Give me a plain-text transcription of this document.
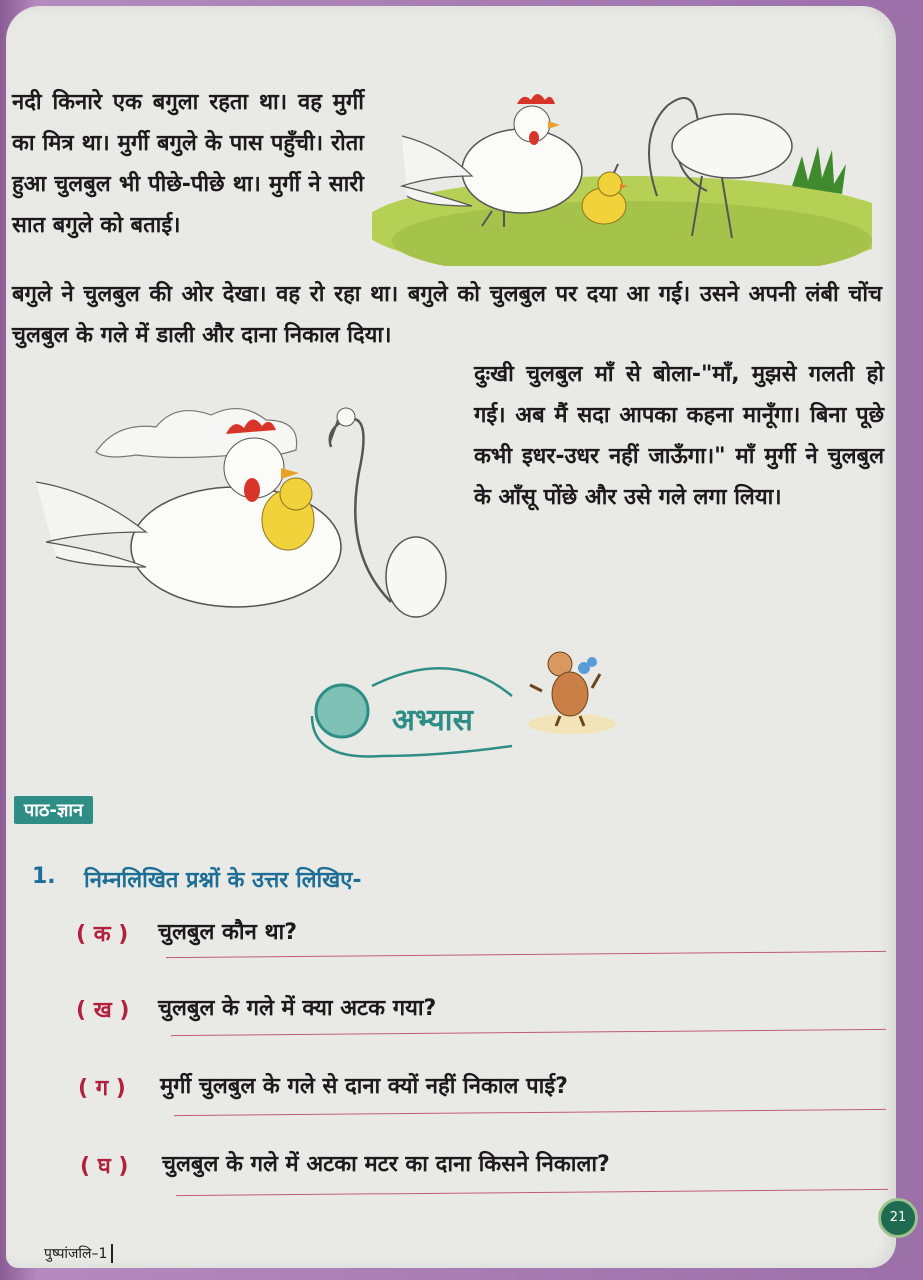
नदी किनारे एक बगुला रहता था। वह मुर्गी का मित्र था। मुर्गी बगुले के पास पहुँची। रोता हुआ चुलबुल भी पीछे-पीछे था। मुर्गी ने सारी सात बगुले को बताई।
बगुले ने चुलबुल की ओर देखा। वह रो रहा था। बगुले को चुलबुल पर दया आ गई। उसने अपनी लंबी चोंच चुलबुल के गले में डाली और दाना निकाल दिया।
दुःखी चुलबुल माँ से बोला-"माँ, मुझसे गलती हो गई। अब मैं सदा आपका कहना मानूँगा। बिना पूछे कभी इधर-उधर नहीं जाऊँगा।" माँ मुर्गी ने चुलबुल के आँसू पोंछे और उसे गले लगा लिया।
अभ्यास
पाठ-ज्ञान
1. निम्नलिखित प्रश्नों के उत्तर लिखिए-
( क ) चुलबुल कौन था?
( ख ) चुलबुल के गले में क्या अटक गया?
( ग ) मुर्गी चुलबुल के गले से दाना क्यों नहीं निकाल पाई?
( घ ) चुलबुल के गले में अटका मटर का दाना किसने निकाला?
पुष्पांजलि–1
21
